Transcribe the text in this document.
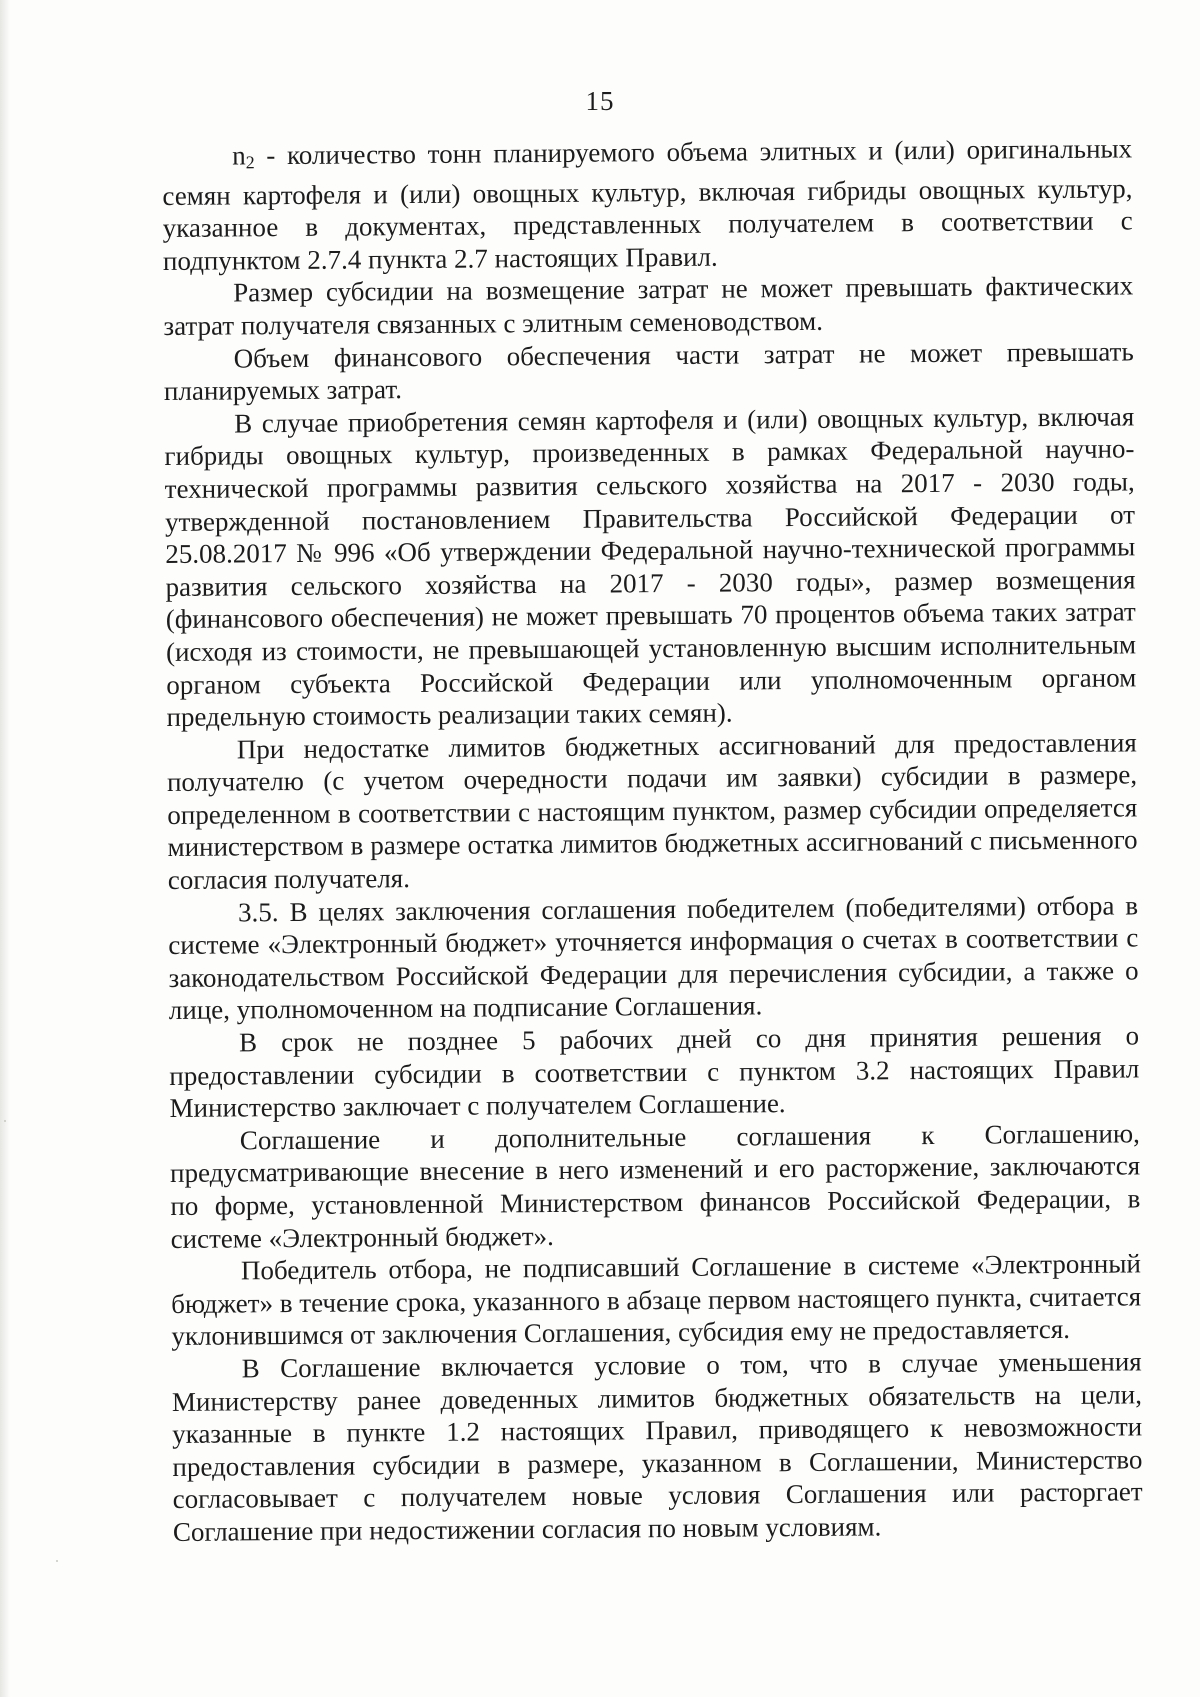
15

$n_2$ - количество тонн планируемого объема элитных и (или) оригинальных семян картофеля и (или) овощных культур, включая гибриды овощных культур, указанное в документах, представленных получателем в соответствии с подпунктом 2.7.4 пункта 2.7 настоящих Правил.

Размер субсидии на возмещение затрат не может превышать фактических затрат получателя связанных с элитным семеноводством.

Объем финансового обеспечения части затрат не может превышать планируемых затрат.

В случае приобретения семян картофеля и (или) овощных культур, включая гибриды овощных культур, произведенных в рамках Федеральной научно-технической программы развития сельского хозяйства на 2017 - 2030 годы, утвержденной постановлением Правительства Российской Федерации от 25.08.2017 № 996 «Об утверждении Федеральной научно-технической программы развития сельского хозяйства на 2017 - 2030 годы», размер возмещения (финансового обеспечения) не может превышать 70 процентов объема таких затрат (исходя из стоимости, не превышающей установленную высшим исполнительным органом субъекта Российской Федерации или уполномоченным органом предельную стоимость реализации таких семян).

При недостатке лимитов бюджетных ассигнований для предоставления получателю (с учетом очередности подачи им заявки) субсидии в размере, определенном в соответствии с настоящим пунктом, размер субсидии определяется министерством в размере остатка лимитов бюджетных ассигнований с письменного согласия получателя.

3.5. В целях заключения соглашения победителем (победителями) отбора в системе «Электронный бюджет» уточняется информация о счетах в соответствии с законодательством Российской Федерации для перечисления субсидии, а также о лице, уполномоченном на подписание Соглашения.

В срок не позднее 5 рабочих дней со дня принятия решения о предоставлении субсидии в соответствии с пунктом 3.2 настоящих Правил Министерство заключает с получателем Соглашение.

Соглашение и дополнительные соглашения к Соглашению, предусматривающие внесение в него изменений и его расторжение, заключаются по форме, установленной Министерством финансов Российской Федерации, в системе «Электронный бюджет».

Победитель отбора, не подписавший Соглашение в системе «Электронный бюджет» в течение срока, указанного в абзаце первом настоящего пункта, считается уклонившимся от заключения Соглашения, субсидия ему не предоставляется.

В Соглашение включается условие о том, что в случае уменьшения Министерству ранее доведенных лимитов бюджетных обязательств на цели, указанные в пункте 1.2 настоящих Правил, приводящего к невозможности предоставления субсидии в размере, указанном в Соглашении, Министерство согласовывает с получателем новые условия Соглашения или расторгает Соглашение при недостижении согласия по новым условиям.
